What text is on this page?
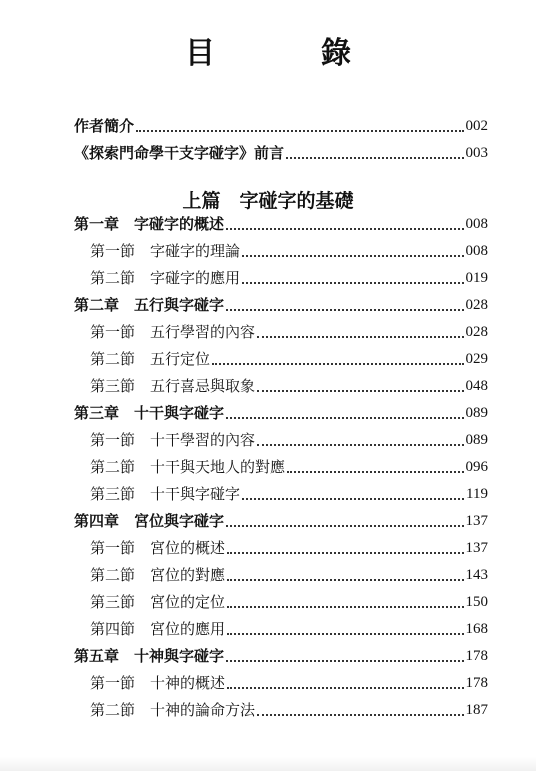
目　錄
作者簡介	002
《探索門命學干支字碰字》前言	003
上篇　字碰字的基礎
第一章　字碰字的概述	008
第一節　字碰字的理論	008
第二節　字碰字的應用	019
第二章　五行與字碰字	028
第一節　五行學習的內容	028
第二節　五行定位	029
第三節　五行喜忌與取象	048
第三章　十干與字碰字	089
第一節　十干學習的內容	089
第二節　十干與天地人的對應	096
第三節　十干與字碰字	119
第四章　宮位與字碰字	137
第一節　宮位的概述	137
第二節　宮位的對應	143
第三節　宮位的定位	150
第四節　宮位的應用	168
第五章　十神與字碰字	178
第一節　十神的概述	178
第二節　十神的論命方法	187
